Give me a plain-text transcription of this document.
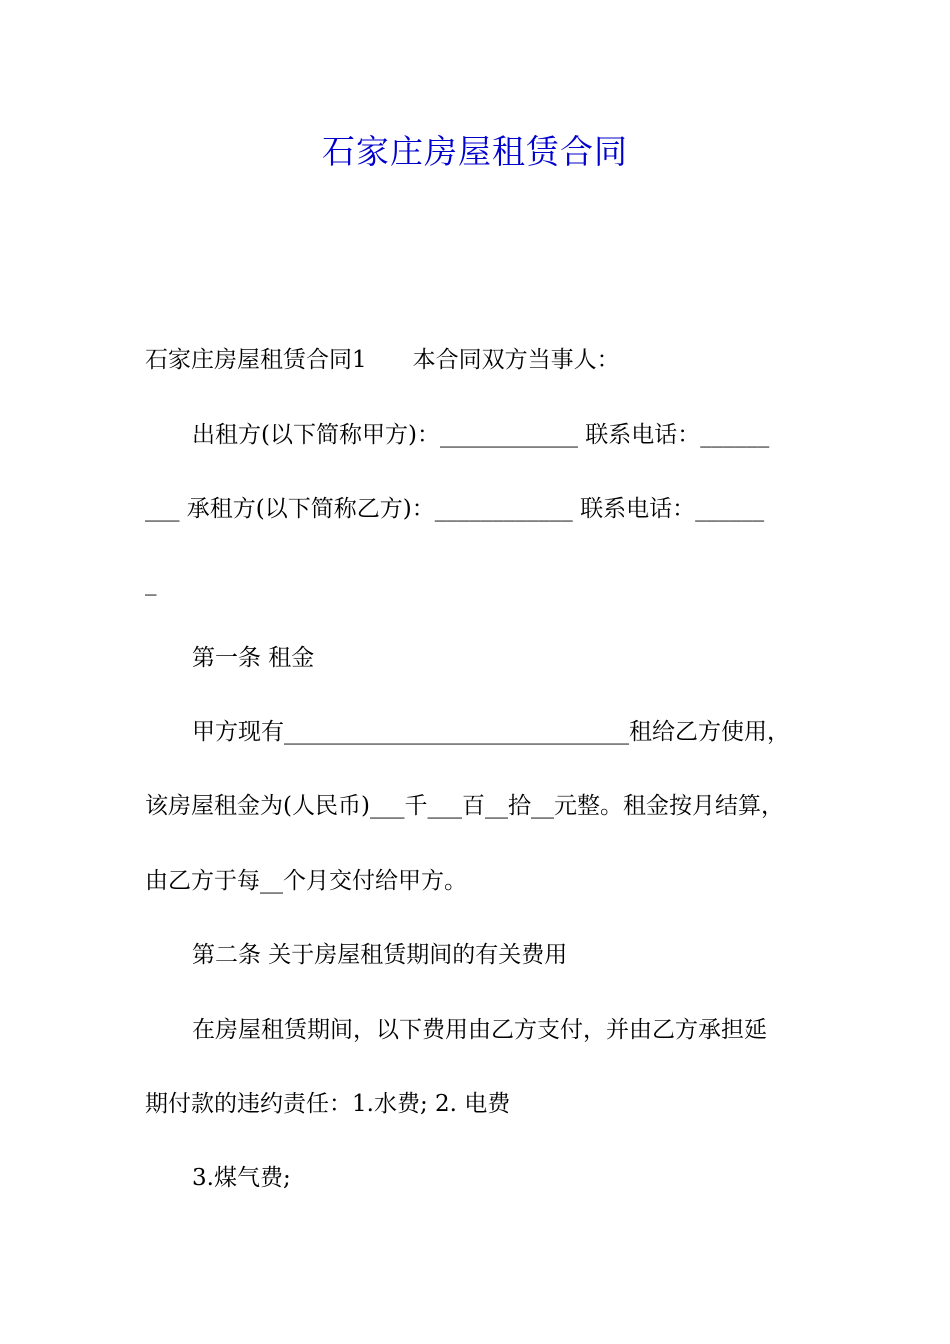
石家庄房屋租赁合同
石家庄房屋租赁合同1　　本合同双方当事人：
出租方(以下简称甲方)：____________ 联系电话：______
___ 承租方(以下简称乙方)：____________ 联系电话：______
_
第一条 租金
甲方现有______________________________租给乙方使用，
该房屋租金为(人民币)___千___百__拾__元整。租金按月结算，
由乙方于每__个月交付给甲方。
第二条 关于房屋租赁期间的有关费用
在房屋租赁期间，以下费用由乙方支付，并由乙方承担延
期付款的违约责任：1.水费; 2. 电费
3.煤气费;
